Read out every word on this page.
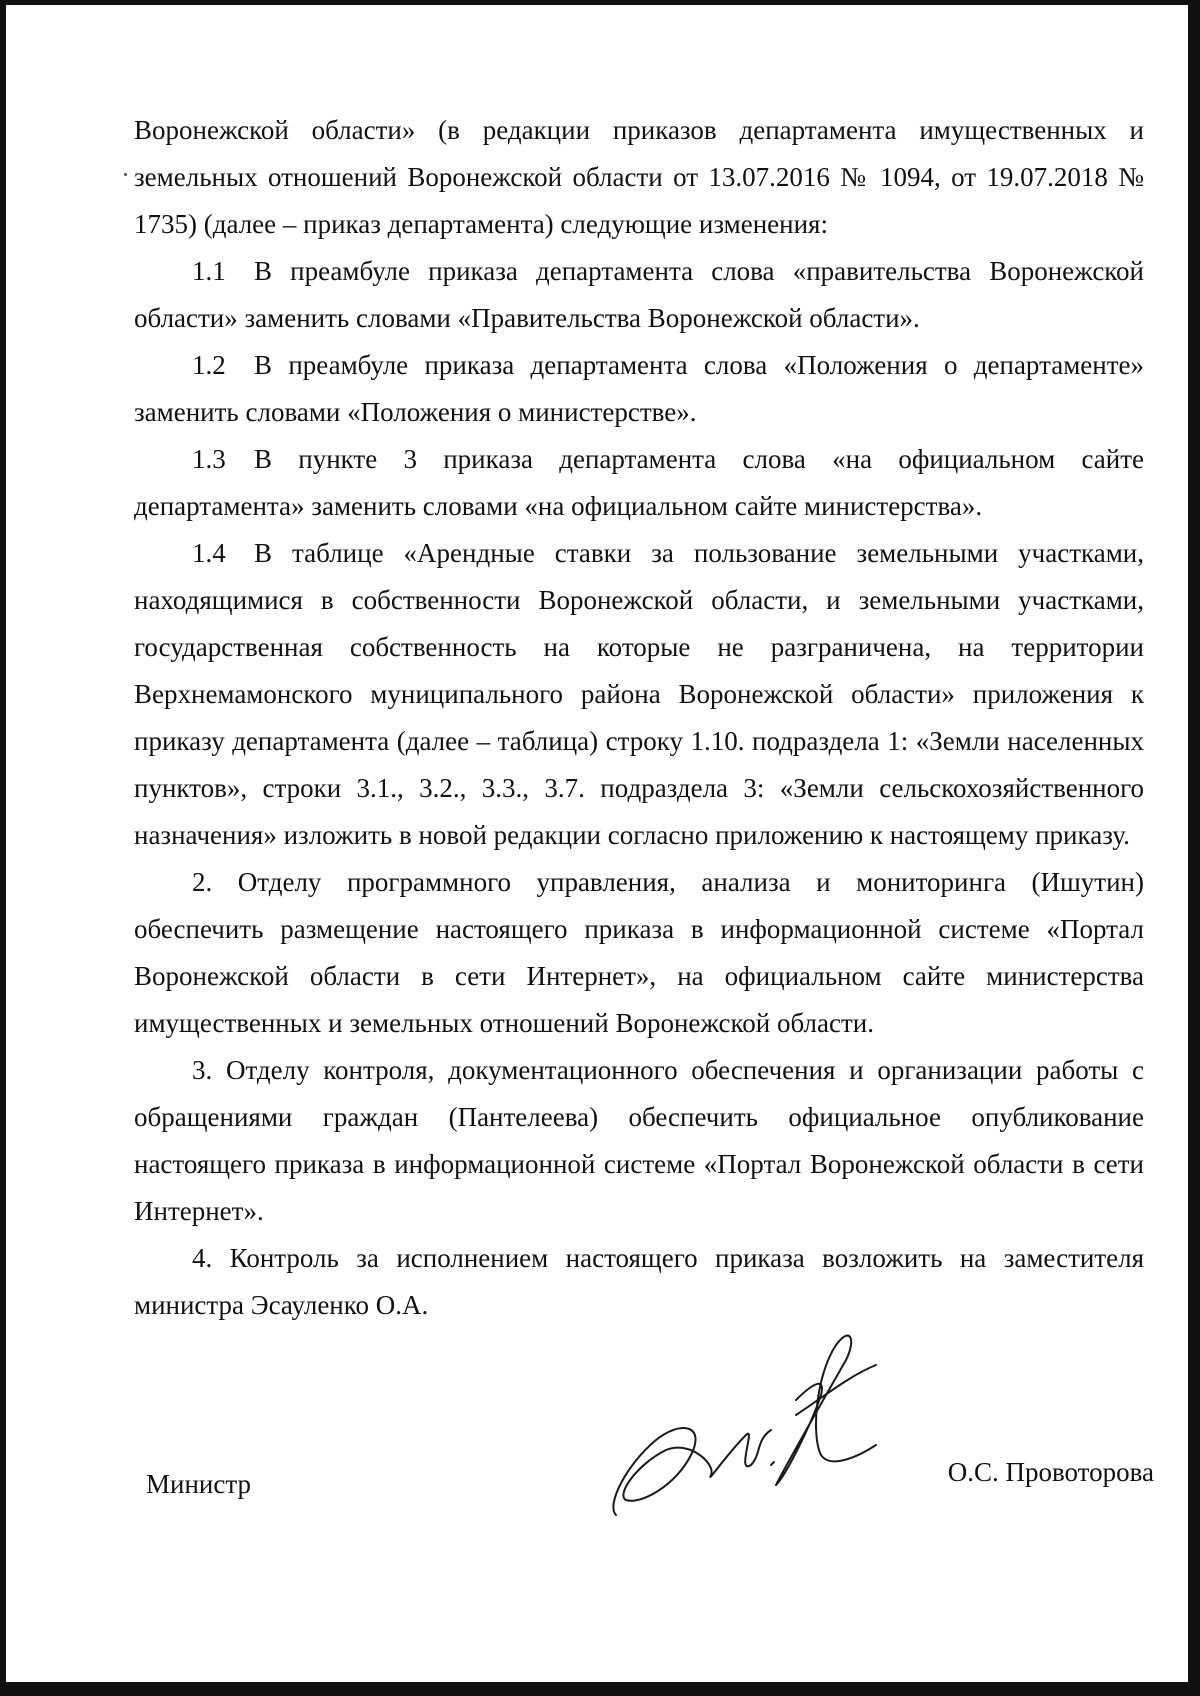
Воронежской области» (в редакции приказов департамента имущественных и земельных отношений Воронежской области от 13.07.2016 № 1094, от 19.07.2018 № 1735) (далее – приказ департамента) следующие изменения:

1.1 В преамбуле приказа департамента слова «правительства Воронежской области» заменить словами «Правительства Воронежской области».

1.2 В преамбуле приказа департамента слова «Положения о департаменте» заменить словами «Положения о министерстве».

1.3 В пункте 3 приказа департамента слова «на официальном сайте департамента» заменить словами «на официальном сайте министерства».

1.4 В таблице «Арендные ставки за пользование земельными участками, находящимися в собственности Воронежской области, и земельными участками, государственная собственность на которые не разграничена, на территории Верхнемамонского муниципального района Воронежской области» приложения к приказу департамента (далее – таблица) строку 1.10. подраздела 1: «Земли населенных пунктов», строки 3.1., 3.2., 3.3., 3.7. подраздела 3: «Земли сельскохозяйственного назначения» изложить в новой редакции согласно приложению к настоящему приказу.

2. Отделу программного управления, анализа и мониторинга (Ишутин) обеспечить размещение настоящего приказа в информационной системе «Портал Воронежской области в сети Интернет», на официальном сайте министерства имущественных и земельных отношений Воронежской области.

3. Отделу контроля, документационного обеспечения и организации работы с обращениями граждан (Пантелеева) обеспечить официальное опубликование настоящего приказа в информационной системе «Портал Воронежской области в сети Интернет».

4. Контроль за исполнением настоящего приказа возложить на заместителя министра Эсауленко О.А.

Министр	О.С. Провоторова
